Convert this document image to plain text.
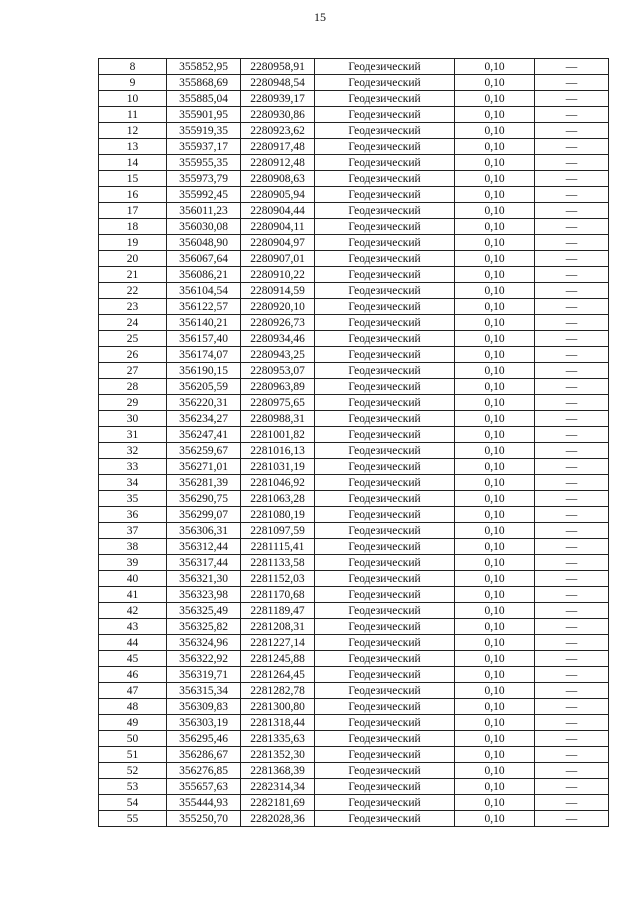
15
8	355852,95	2280958,91	Геодезический	0,10	—
9	355868,69	2280948,54	Геодезический	0,10	—
10	355885,04	2280939,17	Геодезический	0,10	—
11	355901,95	2280930,86	Геодезический	0,10	—
12	355919,35	2280923,62	Геодезический	0,10	—
13	355937,17	2280917,48	Геодезический	0,10	—
14	355955,35	2280912,48	Геодезический	0,10	—
15	355973,79	2280908,63	Геодезический	0,10	—
16	355992,45	2280905,94	Геодезический	0,10	—
17	356011,23	2280904,44	Геодезический	0,10	—
18	356030,08	2280904,11	Геодезический	0,10	—
19	356048,90	2280904,97	Геодезический	0,10	—
20	356067,64	2280907,01	Геодезический	0,10	—
21	356086,21	2280910,22	Геодезический	0,10	—
22	356104,54	2280914,59	Геодезический	0,10	—
23	356122,57	2280920,10	Геодезический	0,10	—
24	356140,21	2280926,73	Геодезический	0,10	—
25	356157,40	2280934,46	Геодезический	0,10	—
26	356174,07	2280943,25	Геодезический	0,10	—
27	356190,15	2280953,07	Геодезический	0,10	—
28	356205,59	2280963,89	Геодезический	0,10	—
29	356220,31	2280975,65	Геодезический	0,10	—
30	356234,27	2280988,31	Геодезический	0,10	—
31	356247,41	2281001,82	Геодезический	0,10	—
32	356259,67	2281016,13	Геодезический	0,10	—
33	356271,01	2281031,19	Геодезический	0,10	—
34	356281,39	2281046,92	Геодезический	0,10	—
35	356290,75	2281063,28	Геодезический	0,10	—
36	356299,07	2281080,19	Геодезический	0,10	—
37	356306,31	2281097,59	Геодезический	0,10	—
38	356312,44	2281115,41	Геодезический	0,10	—
39	356317,44	2281133,58	Геодезический	0,10	—
40	356321,30	2281152,03	Геодезический	0,10	—
41	356323,98	2281170,68	Геодезический	0,10	—
42	356325,49	2281189,47	Геодезический	0,10	—
43	356325,82	2281208,31	Геодезический	0,10	—
44	356324,96	2281227,14	Геодезический	0,10	—
45	356322,92	2281245,88	Геодезический	0,10	—
46	356319,71	2281264,45	Геодезический	0,10	—
47	356315,34	2281282,78	Геодезический	0,10	—
48	356309,83	2281300,80	Геодезический	0,10	—
49	356303,19	2281318,44	Геодезический	0,10	—
50	356295,46	2281335,63	Геодезический	0,10	—
51	356286,67	2281352,30	Геодезический	0,10	—
52	356276,85	2281368,39	Геодезический	0,10	—
53	355657,63	2282314,34	Геодезический	0,10	—
54	355444,93	2282181,69	Геодезический	0,10	—
55	355250,70	2282028,36	Геодезический	0,10	—
